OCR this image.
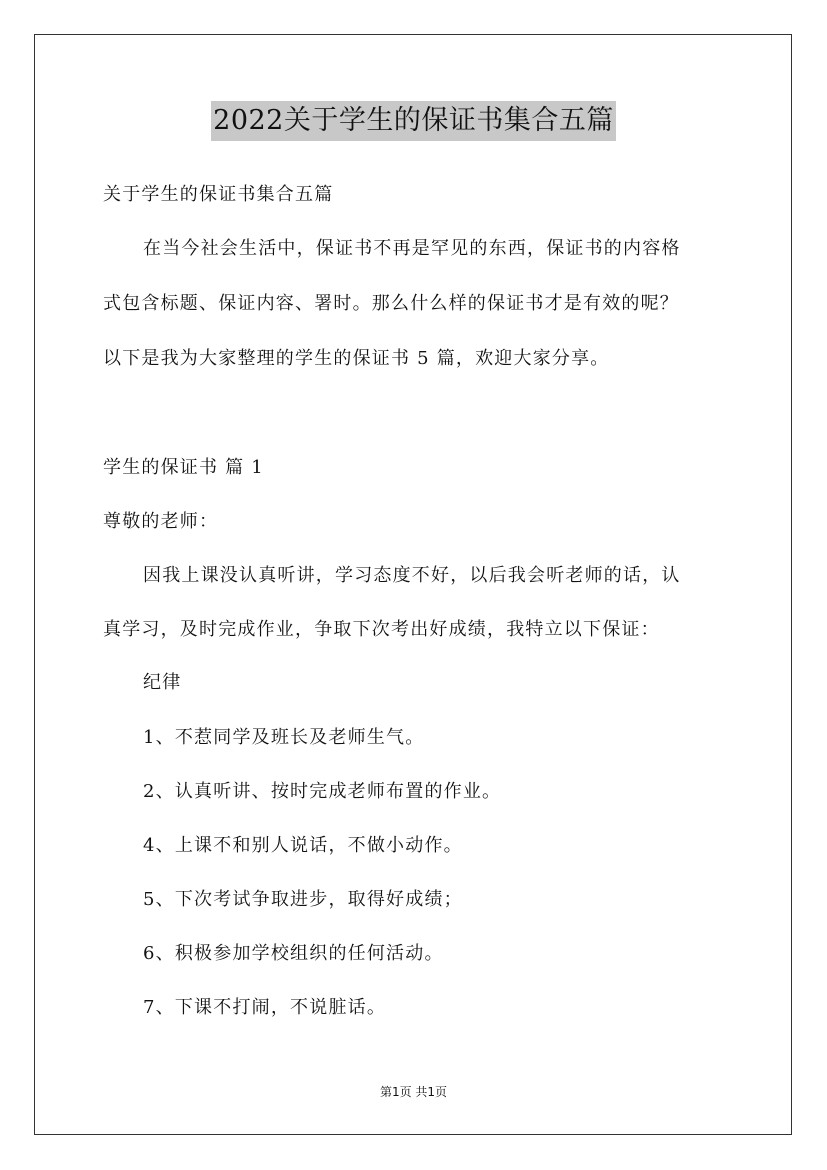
2022关于学生的保证书集合五篇
关于学生的保证书集合五篇
在当今社会生活中，保证书不再是罕见的东西，保证书的内容格
式包含标题、保证内容、署时。那么什么样的保证书才是有效的呢？
以下是我为大家整理的学生的保证书 5 篇，欢迎大家分享。
学生的保证书 篇 1
尊敬的老师：
因我上课没认真听讲，学习态度不好，以后我会听老师的话，认
真学习，及时完成作业，争取下次考出好成绩，我特立以下保证：
纪律
1、不惹同学及班长及老师生气。
2、认真听讲、按时完成老师布置的作业。
4、上课不和别人说话，不做小动作。
5、下次考试争取进步，取得好成绩；
6、积极参加学校组织的任何活动。
7、下课不打闹，不说脏话。
第1页 共1页
